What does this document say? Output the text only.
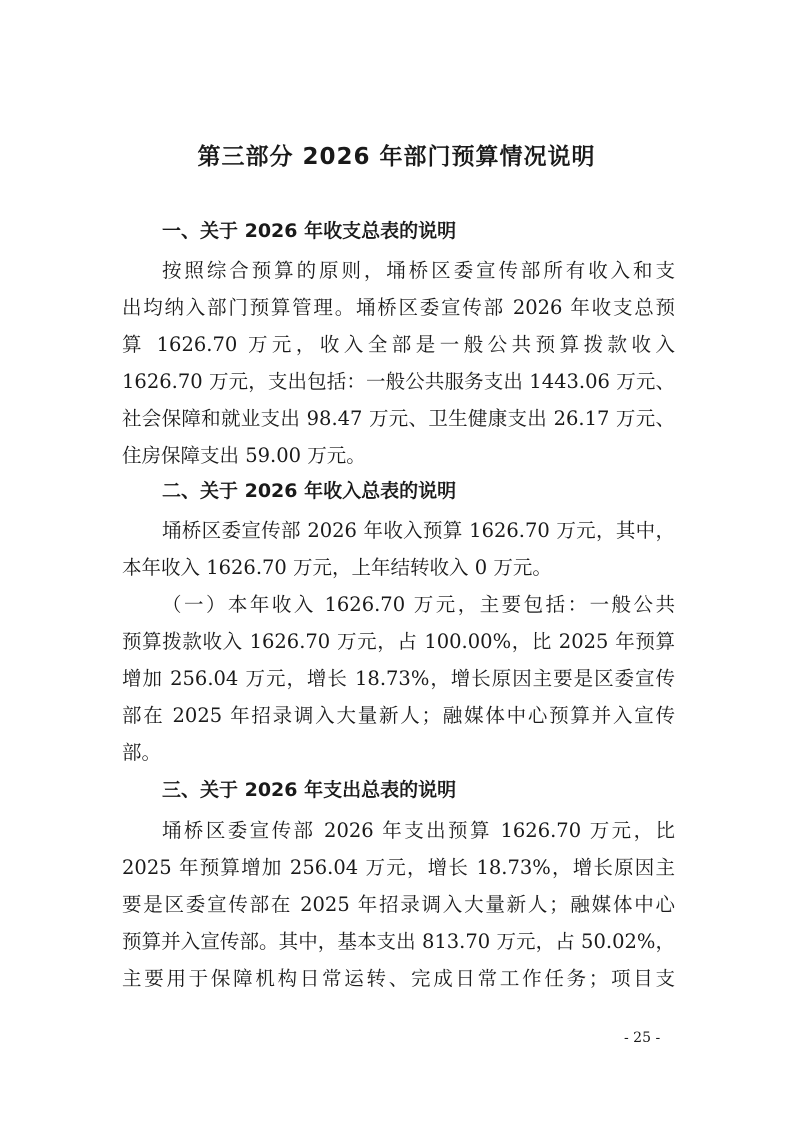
第三部分 2026 年部门预算情况说明
一、关于 2026 年收支总表的说明
按照综合预算的原则，埇桥区委宣传部所有收入和支
出均纳入部门预算管理。埇桥区委宣传部 2026 年收支总预
算 1626.70 万元，收入全部是一般公共预算拨款收入
1626.70 万元，支出包括：一般公共服务支出 1443.06 万元、
社会保障和就业支出 98.47 万元、卫生健康支出 26.17 万元、
住房保障支出 59.00 万元。
二、关于 2026 年收入总表的说明
埇桥区委宣传部 2026 年收入预算 1626.70 万元，其中，
本年收入 1626.70 万元，上年结转收入 0 万元。
（一）本年收入 1626.70 万元，主要包括：一般公共
预算拨款收入 1626.70 万元，占 100.00%，比 2025 年预算
增加 256.04 万元，增长 18.73%，增长原因主要是区委宣传
部在 2025 年招录调入大量新人；融媒体中心预算并入宣传
部。
三、关于 2026 年支出总表的说明
埇桥区委宣传部 2026 年支出预算 1626.70 万元，比
2025 年预算增加 256.04 万元，增长 18.73%，增长原因主
要是区委宣传部在 2025 年招录调入大量新人；融媒体中心
预算并入宣传部。其中，基本支出 813.70 万元，占 50.02%，
主要用于保障机构日常运转、完成日常工作任务；项目支
- 25 -
